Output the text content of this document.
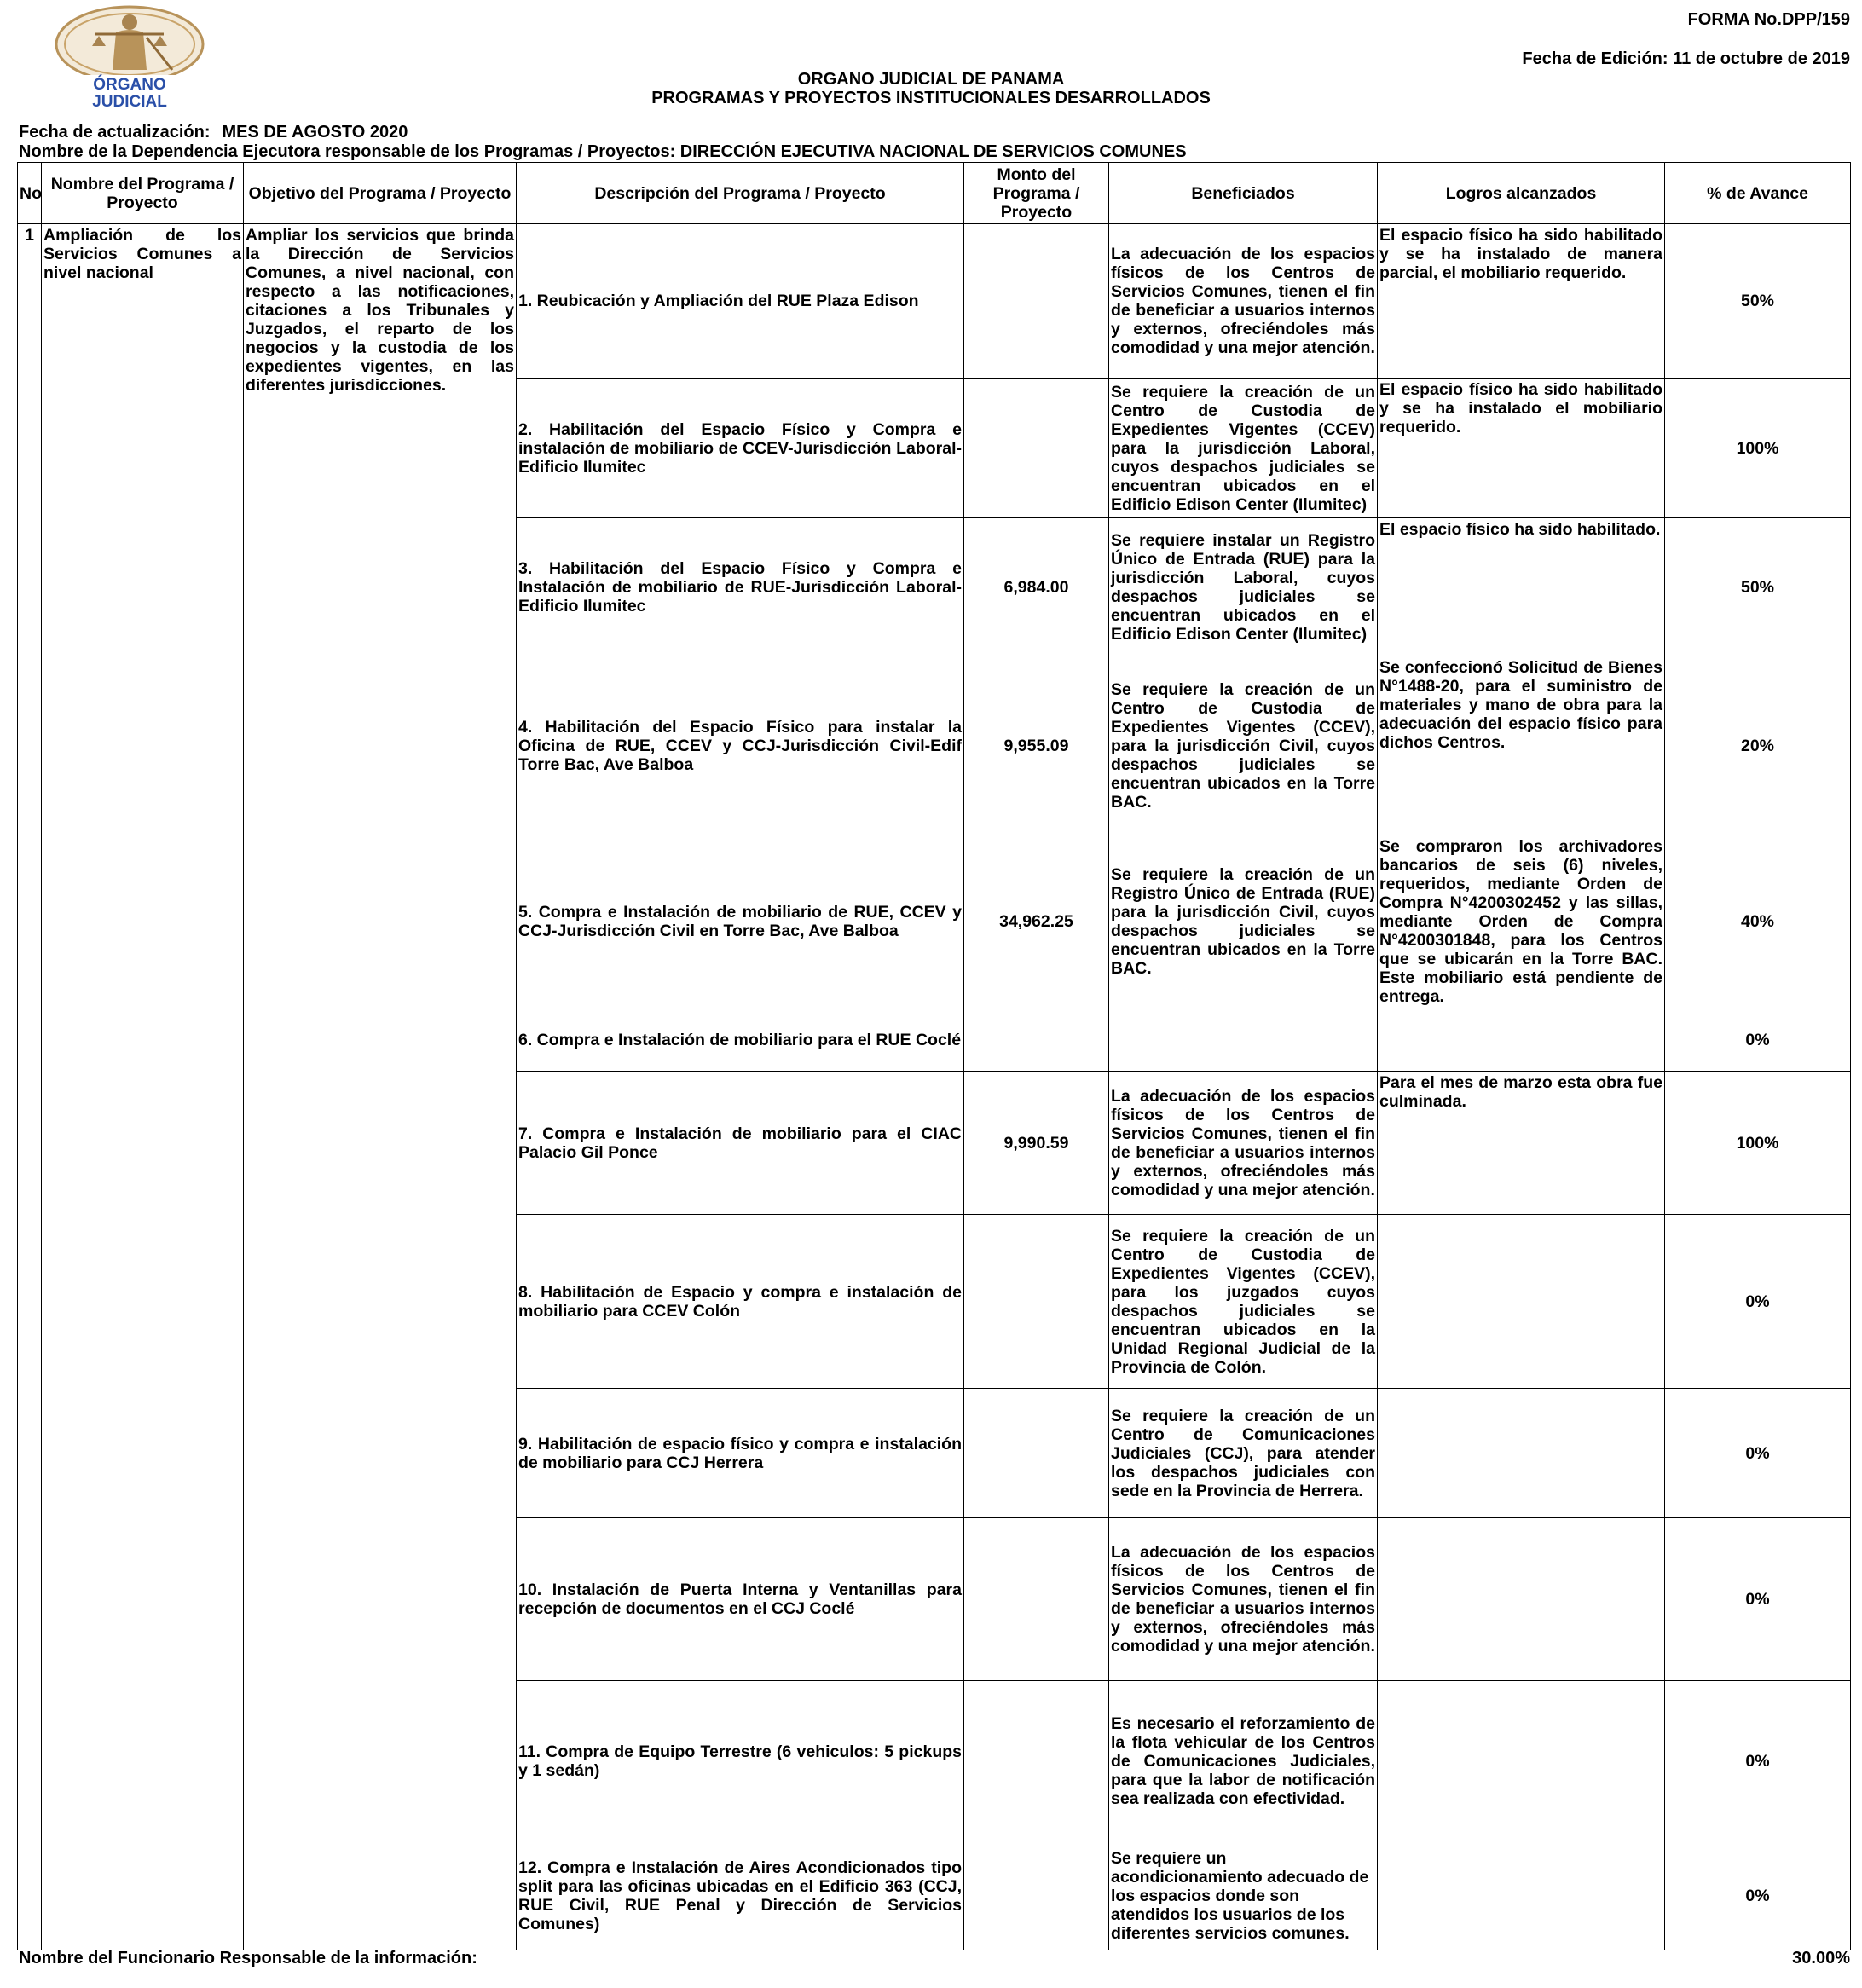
ÓRGANO
JUDICIAL
FORMA No.DPP/159
Fecha de Edición: 11 de octubre de 2019
ORGANO JUDICIAL DE PANAMA
PROGRAMAS Y PROYECTOS INSTITUCIONALES DESARROLLADOS
Fecha de actualización: MES DE AGOSTO 2020
Nombre de la Dependencia Ejecutora responsable de los Programas / Proyectos: DIRECCIÓN EJECUTIVA NACIONAL DE SERVICIOS COMUNES
No	Nombre del Programa / Proyecto	Objetivo del Programa / Proyecto	Descripción del Programa / Proyecto	Monto del Programa / Proyecto	Beneficiados	Logros alcanzados	% de Avance
1	Ampliación de los Servicios Comunes a nivel nacional	Ampliar los servicios que brinda la Dirección de Servicios Comunes, a nivel nacional, con respecto a las notificaciones, citaciones a los Tribunales y Juzgados, el reparto de los negocios y la custodia de los expedientes vigentes, en las diferentes jurisdicciones.	1. Reubicación y Ampliación del RUE Plaza Edison		La adecuación de los espacios físicos de los Centros de Servicios Comunes, tienen el fin de beneficiar a usuarios internos y externos, ofreciéndoles más comodidad y una mejor atención.	El espacio físico ha sido habilitado y se ha instalado de manera parcial, el mobiliario requerido.	50%
			2. Habilitación del Espacio Físico y Compra e instalación de mobiliario de CCEV-Jurisdicción Laboral-Edificio Ilumitec		Se requiere la creación de un Centro de Custodia de Expedientes Vigentes (CCEV) para la jurisdicción Laboral, cuyos despachos judiciales se encuentran ubicados en el Edificio Edison Center (Ilumitec)	El espacio físico ha sido habilitado y se ha instalado el mobiliario requerido.	100%
			3. Habilitación del Espacio Físico y Compra e Instalación de mobiliario de RUE-Jurisdicción Laboral-Edificio Ilumitec	6,984.00	Se requiere instalar un Registro Único de Entrada (RUE) para la jurisdicción Laboral, cuyos despachos judiciales se encuentran ubicados en el Edificio Edison Center (Ilumitec)	El espacio físico ha sido habilitado.	50%
			4. Habilitación del Espacio Físico para instalar la Oficina de RUE, CCEV y CCJ-Jurisdicción Civil-Edif Torre Bac, Ave Balboa	9,955.09	Se requiere la creación de un Centro de Custodia de Expedientes Vigentes (CCEV), para la jurisdicción Civil, cuyos despachos judiciales se encuentran ubicados en la Torre BAC.	Se confeccionó Solicitud de Bienes N°1488-20, para el suministro de materiales y mano de obra para la adecuación del espacio físico para dichos Centros.	20%
			5. Compra e Instalación de mobiliario de RUE, CCEV y CCJ-Jurisdicción Civil en Torre Bac, Ave Balboa	34,962.25	Se requiere la creación de un Registro Único de Entrada (RUE) para la jurisdicción Civil, cuyos despachos judiciales se encuentran ubicados en la Torre BAC.	Se compraron los archivadores bancarios de seis (6) niveles, requeridos, mediante Orden de Compra N°4200302452 y las sillas, mediante Orden de Compra N°4200301848, para los Centros que se ubicarán en la Torre BAC. Este mobiliario está pendiente de entrega.	40%
			6. Compra e Instalación de mobiliario para el RUE Coclé				0%
			7. Compra e Instalación de mobiliario para el CIAC Palacio Gil Ponce	9,990.59	La adecuación de los espacios físicos de los Centros de Servicios Comunes, tienen el fin de beneficiar a usuarios internos y externos, ofreciéndoles más comodidad y una mejor atención.	Para el mes de marzo esta obra fue culminada.	100%
			8. Habilitación de Espacio y compra e instalación de mobiliario para CCEV Colón		Se requiere la creación de un Centro de Custodia de Expedientes Vigentes (CCEV), para los juzgados cuyos despachos judiciales se encuentran ubicados en la Unidad Regional Judicial de la Provincia de Colón.		0%
			9. Habilitación de espacio físico y compra e instalación de mobiliario para CCJ Herrera		Se requiere la creación de un Centro de Comunicaciones Judiciales (CCJ), para atender los despachos judiciales con sede en la Provincia de Herrera.		0%
			10. Instalación de Puerta Interna y Ventanillas para recepción de documentos en el CCJ Coclé		La adecuación de los espacios físicos de los Centros de Servicios Comunes, tienen el fin de beneficiar a usuarios internos y externos, ofreciéndoles más comodidad y una mejor atención.		0%
			11. Compra de Equipo Terrestre (6 vehiculos: 5 pickups y 1 sedán)		Es necesario el reforzamiento de la flota vehicular de los Centros de Comunicaciones Judiciales, para que la labor de notificación sea realizada con efectividad.		0%
			12. Compra e Instalación de Aires Acondicionados tipo split para las oficinas ubicadas en el Edificio 363 (CCJ, RUE Civil, RUE Penal y Dirección de Servicios Comunes)		Se requiere un acondicionamiento adecuado de los espacios donde son atendidos los usuarios de los diferentes servicios comunes.		0%
Nombre del Funcionario Responsable de la información:	30.00%
